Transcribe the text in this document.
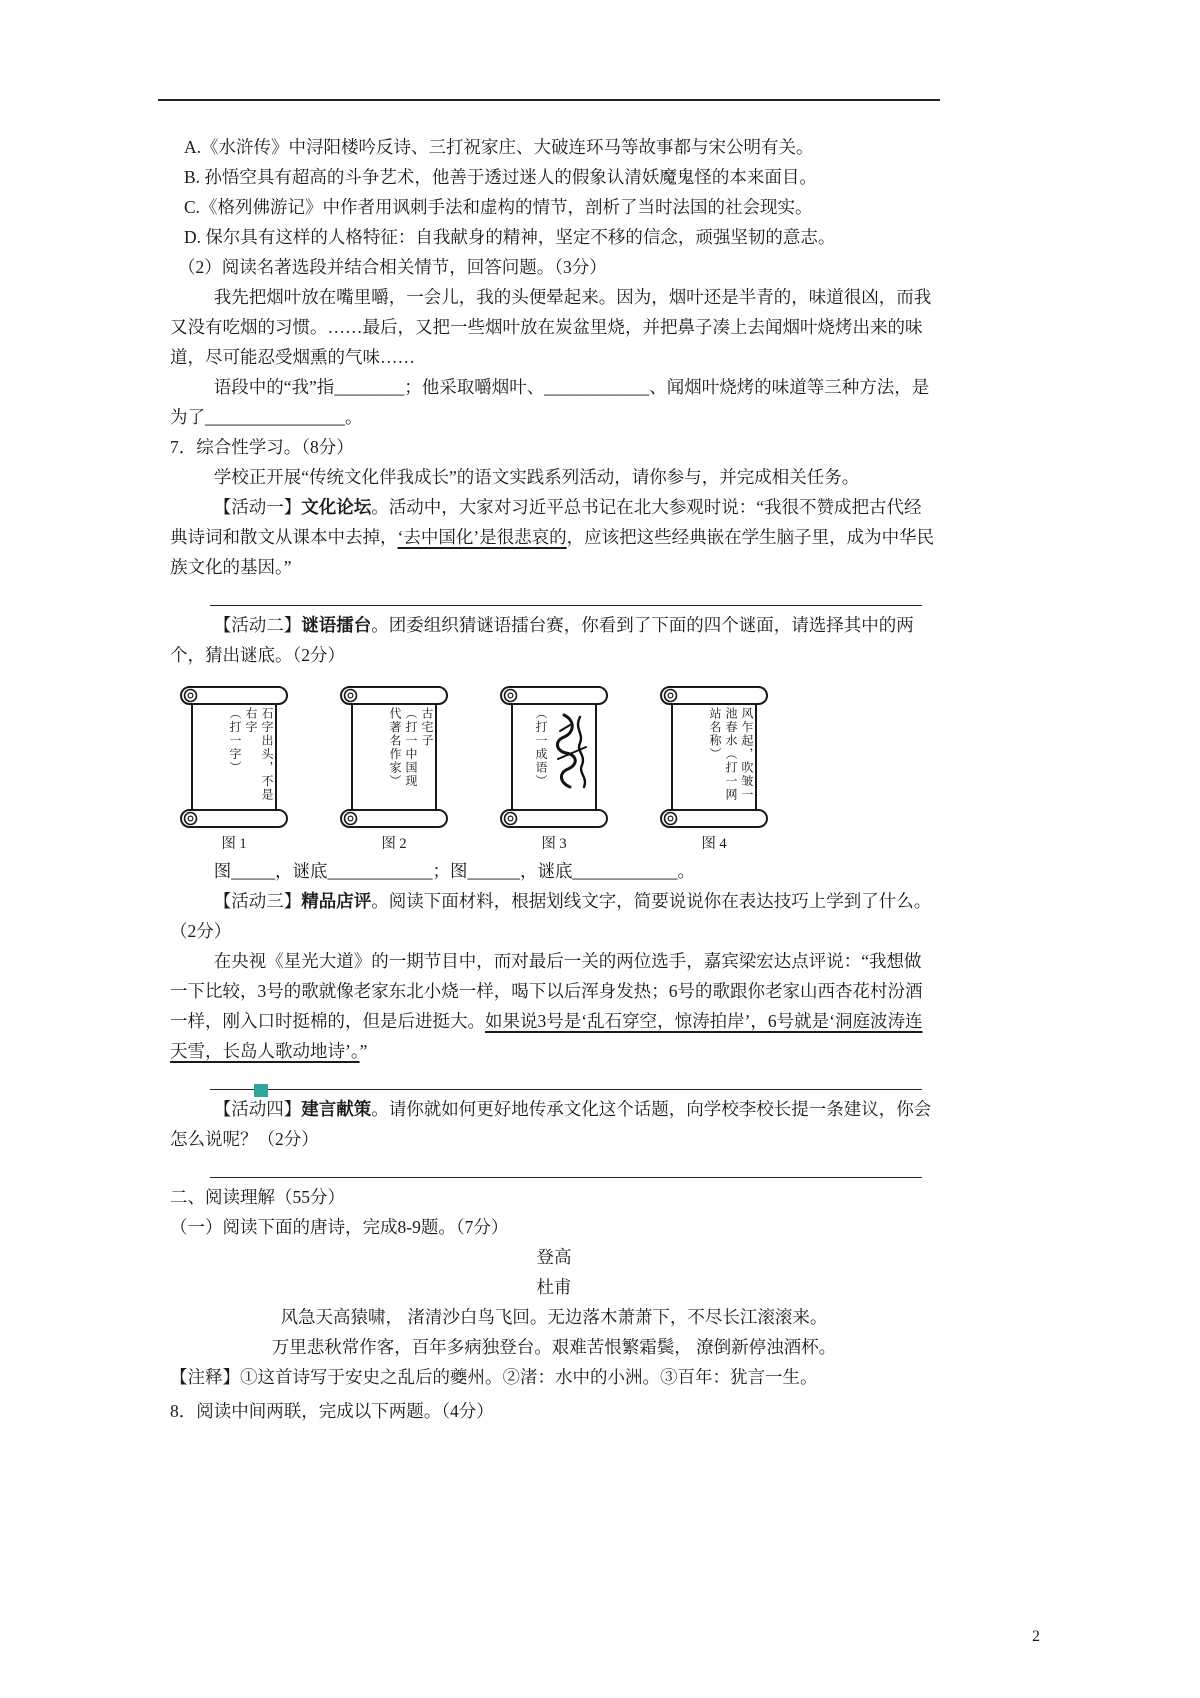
A.《水浒传》中浔阳楼吟反诗、三打祝家庄、大破连环马等故事都与宋公明有关。

B. 孙悟空具有超高的斗争艺术，他善于透过迷人的假象认清妖魔鬼怪的本来面目。

C.《格列佛游记》中作者用讽刺手法和虚构的情节，剖析了当时法国的社会现实。

D. 保尔具有这样的人格特征：自我献身的精神，坚定不移的信念，顽强坚韧的意志。

（2）阅读名著选段并结合相关情节，回答问题。（3分）

我先把烟叶放在嘴里嚼，一会儿，我的头便晕起来。因为，烟叶还是半青的，味道很凶，而我又没有吃烟的习惯。……最后，又把一些烟叶放在炭盆里烧，并把鼻子凑上去闻烟叶烧烤出来的味道，尽可能忍受烟熏的气味……

语段中的“我”指________；他采取嚼烟叶、____________、闻烟叶烧烤的味道等三种方法，是为了________________。

7．综合性学习。（8分）

学校正开展“传统文化伴我成长”的语文实践系列活动，请你参与，并完成相关任务。

【活动一】文化论坛。活动中，大家对习近平总书记在北大参观时说：“我很不赞成把古代经典诗词和散文从课本中去掉，‘去中国化’是很悲哀的，应该把这些经典嵌在学生脑子里，成为中华民族文化的基因。”

【活动二】谜语擂台。团委组织猜谜语擂台赛，你看到了下面的四个谜面，请选择其中的两个，猜出谜底。（2分）

石字出头，不是
右字
（打一字）
图 1
古宅子
（打一中国现
代著名作家）
图 2
（打一成语）
图 3
风乍起，吹皱一
池春水（打一网
站名称）
图 4

图_____，谜底____________；图______，谜底____________。

【活动三】精品店评。阅读下面材料，根据划线文字，简要说说你在表达技巧上学到了什么。（2分）

在央视《星光大道》的一期节目中，而对最后一关的两位选手，嘉宾梁宏达点评说：“我想做一下比较，3号的歌就像老家东北小烧一样，喝下以后浑身发热；6号的歌跟你老家山西杏花村汾酒一样，刚入口时挺棉的，但是后进挺大。如果说3号是‘乱石穿空，惊涛拍岸’，6号就是‘洞庭波涛连天雪，长岛人歌动地诗’。”

【活动四】建言献策。请你就如何更好地传承文化这个话题，向学校李校长提一条建议，你会怎么说呢？（2分）

二、阅读理解（55分）

（一）阅读下面的唐诗，完成8-9题。（7分）

登高

杜甫

风急天高猿啸， 渚清沙白鸟飞回。无边落木萧萧下，不尽长江滚滚来。

万里悲秋常作客，百年多病独登台。艰难苦恨繁霜鬓， 潦倒新停浊酒杯。

【注释】①这首诗写于安史之乱后的夔州。②渚：水中的小洲。③百年：犹言一生。

8．阅读中间两联，完成以下两题。（4分）

2
